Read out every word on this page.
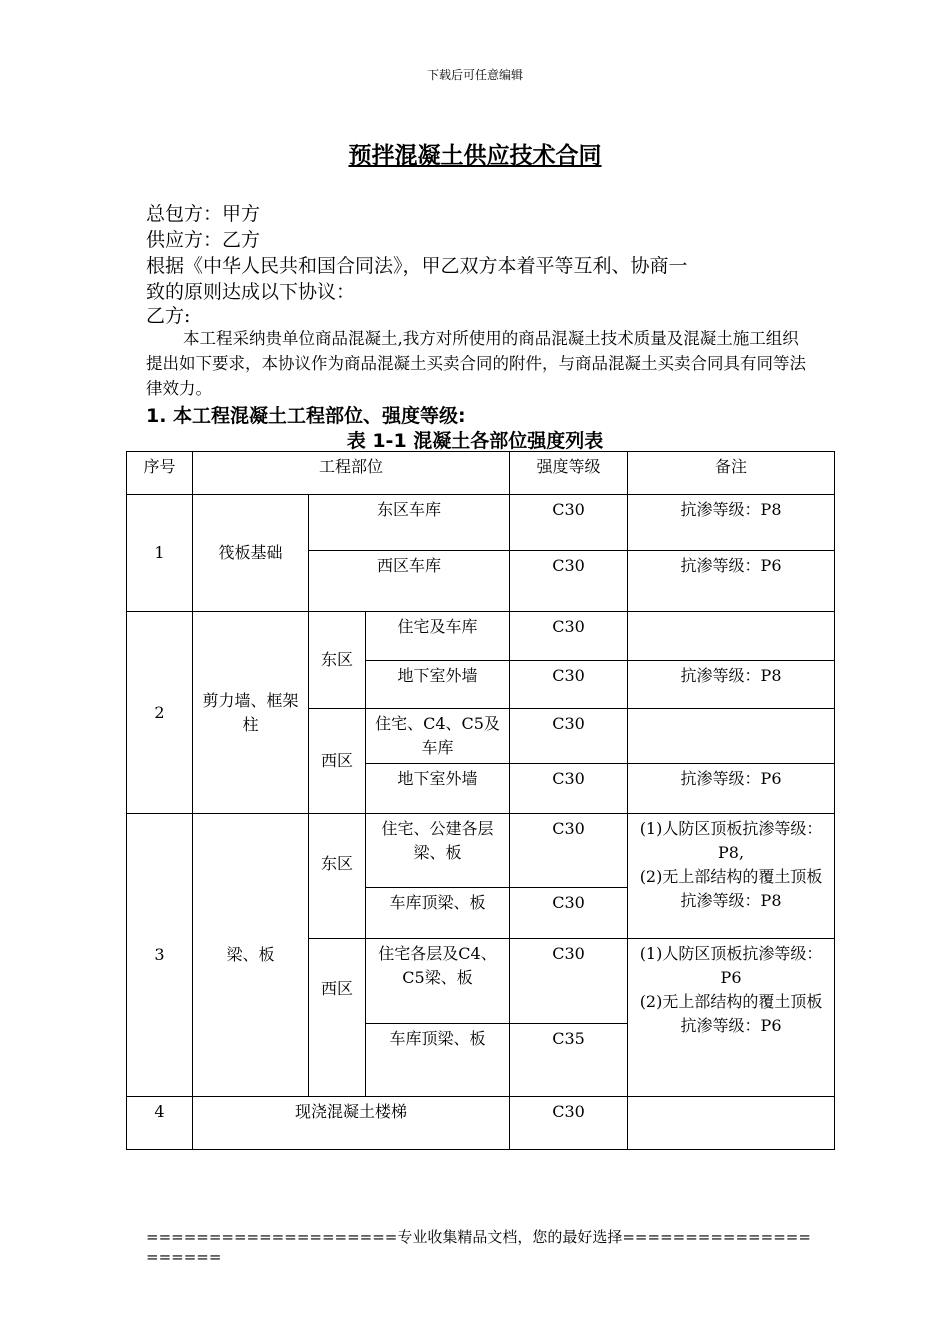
下载后可任意编辑
预拌混凝土供应技术合同
总包方：甲方
供应方：乙方
根据《中华人民共和国合同法》，甲乙双方本着平等互利、协商一
致的原则达成以下协议：
乙方:
本工程采纳贵单位商品混凝土,我方对所使用的商品混凝土技术质量及混凝土施工组织提出如下要求，本协议作为商品混凝土买卖合同的附件，与商品混凝土买卖合同具有同等法律效力。
1. 本工程混凝土工程部位、强度等级:
表 1-1 混凝土各部位强度列表
序号	工程部位			强度等级	备注
1	筏板基础	东区车库		C30	抗渗等级：P8
		西区车库		C30	抗渗等级：P6
2	剪力墙、框架柱	东区	住宅及车库	C30	
			地下室外墙	C30	抗渗等级：P8
		西区	住宅、C4、C5及车库	C30	
			地下室外墙	C30	抗渗等级：P6
3	梁、板	东区	住宅、公建各层梁、板	C30	(1)人防区顶板抗渗等级：P8,
(2)无上部结构的覆土顶板抗渗等级：P8

			车库顶梁、板	C30	
		西区	住宅各层及C4、C5梁、板	C30	(1)人防区顶板抗渗等级：P6
(2)无上部结构的覆土顶板抗渗等级：P6

			车库顶梁、板	C35	
4	现浇混凝土楼梯			C30	
====================专业收集精品文档，您的最好选择=====================
